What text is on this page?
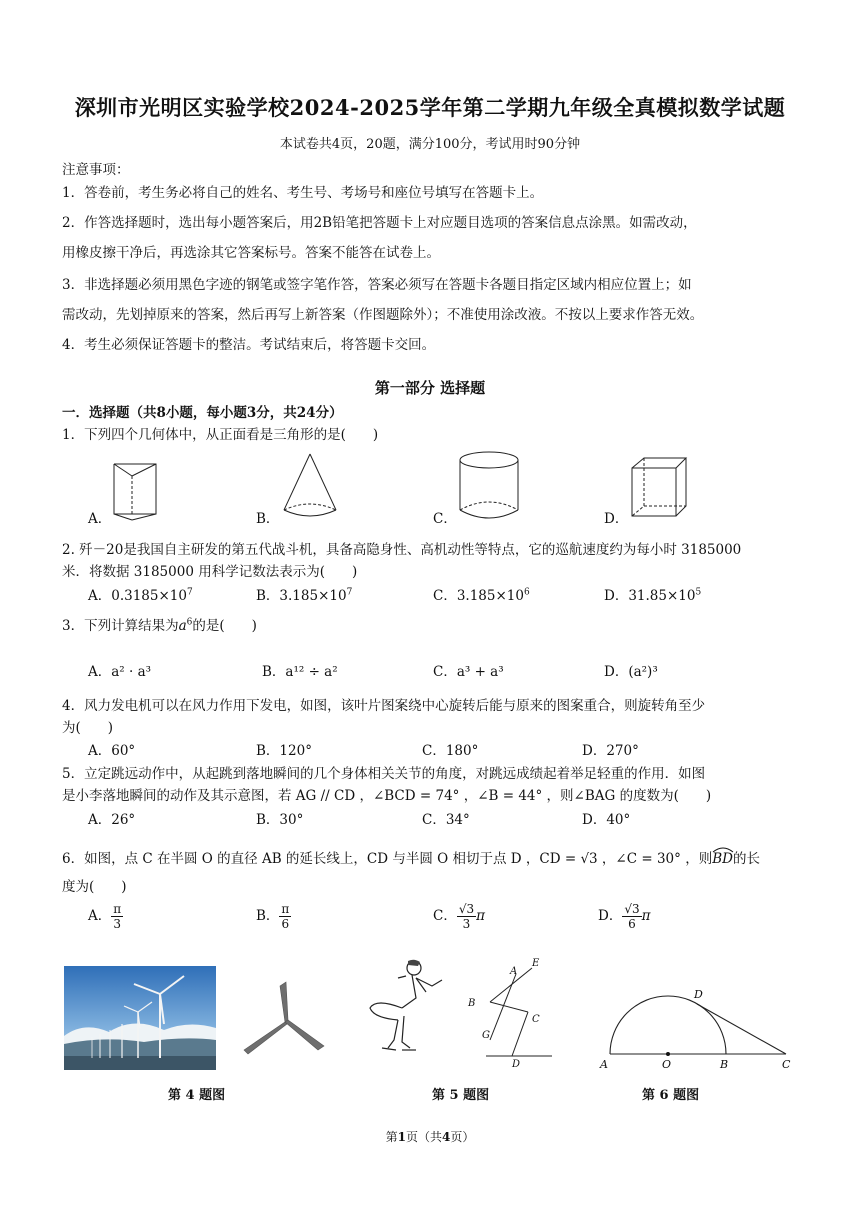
深圳市光明区实验学校2024-2025学年第二学期九年级全真模拟数学试题
本试卷共4页，20题，满分100分，考试用时90分钟
注意事项：
1．答卷前，考生务必将自己的姓名、考生号、考场号和座位号填写在答题卡上。
2．作答选择题时，选出每小题答案后，用2B铅笔把答题卡上对应题目选项的答案信息点涂黑。如需改动，
用橡皮擦干净后，再选涂其它答案标号。答案不能答在试卷上。
3．非选择题必须用黑色字迹的钢笔或签字笔作答，答案必须写在答题卡各题目指定区域内相应位置上；如
需改动，先划掉原来的答案，然后再写上新答案（作图题除外）；不准使用涂改液。不按以上要求作答无效。
4．考生必须保证答题卡的整洁。考试结束后，将答题卡交回。
第一部分 选择题
一．选择题（共8小题，每小题3分，共24分）
1．下列四个几何体中，从正面看是三角形的是(　　)
A．	B．	C．	D．
2. 歼－20是我国自主研发的第五代战斗机，具备高隐身性、高机动性等特点，它的巡航速度约为每小时 3185000
米．将数据 3185000 用科学记数法表示为(　　)
A．$0.3185\times 10^7$	B．$3.185\times 10^7$	C．$3.185\times 10^6$	D．$31.85\times 10^5$
3．下列计算结果为$a^6$的是(　　)
A．a² · a³	B．a¹² ÷ a²	C．a³ + a³	D．(a²)³
4．风力发电机可以在风力作用下发电，如图，该叶片图案绕中心旋转后能与原来的图案重合，则旋转角至少
为(　　)
A．60°	B．120°	C．180°	D．270°
5．立定跳远动作中，从起跳到落地瞬间的几个身体相关关节的角度，对跳远成绩起着举足轻重的作用．如图
是小李落地瞬间的动作及其示意图，若 AG // CD ，∠BCD = 74° ，∠B = 44° ，则∠BAG 的度数为(　　)
A．26°	B．30°	C．34°	D．40°
6．如图，点 C 在半圆 O 的直径 AB 的延长线上，CD 与半圆 O 相切于点 D ，CD = √3 ，∠C = 30° ，则
BD的长
度为(　　)
A． $\frac{\pi}{3}$	B． $\frac{\pi}{6}$	C． $\frac{√3}{3}$ π	D． $\frac{√3}{6}$ π
第 4 题图
A
E
B
C
G
D
第 5 题图
A	O	B	C
D
第 6 题图
第1页（共4页）
